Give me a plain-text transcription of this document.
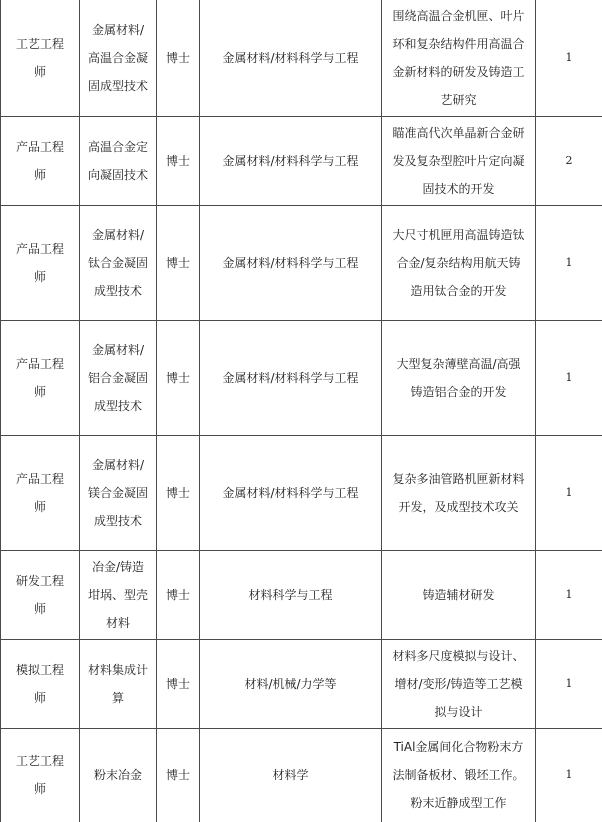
工艺工程师	金属材料/高温合金凝固成型技术	博士	金属材料/材料科学与工程	围绕高温合金机匣、叶片环和复杂结构件用高温合金新材料的研发及铸造工艺研究	1
产品工程师	高温合金定向凝固技术	博士	金属材料/材料科学与工程	瞄准高代次单晶新合金研发及复杂型腔叶片定向凝固技术的开发	2
产品工程师	金属材料/钛合金凝固成型技术	博士	金属材料/材料科学与工程	大尺寸机匣用高温铸造钛合金/复杂结构用航天铸造用钛合金的开发	1
产品工程师	金属材料/铝合金凝固成型技术	博士	金属材料/材料科学与工程	大型复杂薄壁高温/高强铸造铝合金的开发	1
产品工程师	金属材料/镁合金凝固成型技术	博士	金属材料/材料科学与工程	复杂多油管路机匣新材料开发，及成型技术攻关	1
研发工程师	冶金/铸造坩埚、型壳材料	博士	材料科学与工程	铸造辅材研发	1
模拟工程师	材料集成计算	博士	材料/机械/力学等	材料多尺度模拟与设计、增材/变形/铸造等工艺模拟与设计	1
工艺工程师	粉末冶金	博士	材料学	TiAl金属间化合物粉末方法制备板材、锻坯工作。粉末近静成型工作	1
